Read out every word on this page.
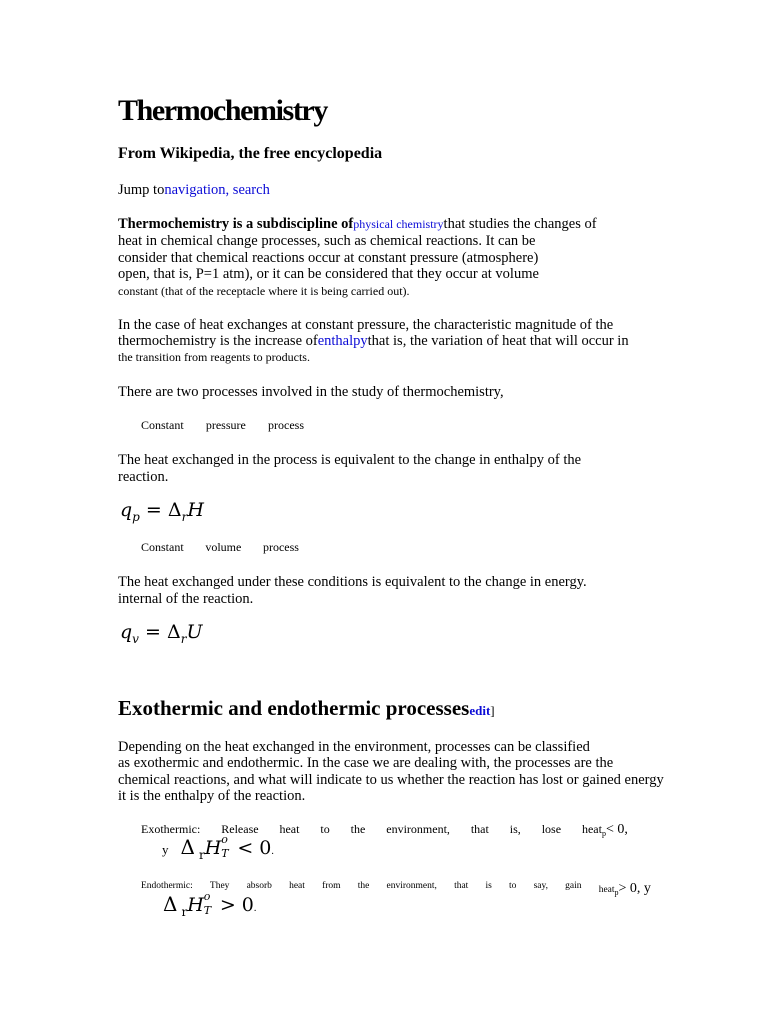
Thermochemistry
From Wikipedia, the free encyclopedia
Jump tonavigation, search
Thermochemistry is a subdiscipline ofphysical chemistrythat studies the changes of
heat in chemical change processes, such as chemical reactions. It can be
consider that chemical reactions occur at constant pressure (atmosphere)
open, that is, P=1 atm), or it can be considered that they occur at volume
constant (that of the receptacle where it is being carried out).
In the case of heat exchanges at constant pressure, the characteristic magnitude of the
thermochemistry is the increase ofenthalpythat is, the variation of heat that will occur in
the transition from reagents to products.
There are two processes involved in the study of thermochemistry,
Constant pressure process
The heat exchanged in the process is equivalent to the change in enthalpy of the
reaction.
$q_p = \Delta_rH$
Constant volume process
The heat exchanged under these conditions is equivalent to the change in energy.
internal of the reaction.
$q_v = \Delta_rU$
Exothermic and endothermic processesedit]
Depending on the heat exchanged in the environment, processes can be classified
as exothermic and endothermic. In the case we are dealing with, the processes are the
chemical reactions, and what will indicate to us whether the reaction has lost or gained energy
it is the enthalpy of the reaction.
Exothermic: Release heat to the environment, that is, lose heat$_p$< 0,
y Δ $_r$H o
T < 0.
Endothermic: They absorb heat from the environment, that is to say, gain heat$_p$> 0, y
Δ $_r$H o
T > 0.
